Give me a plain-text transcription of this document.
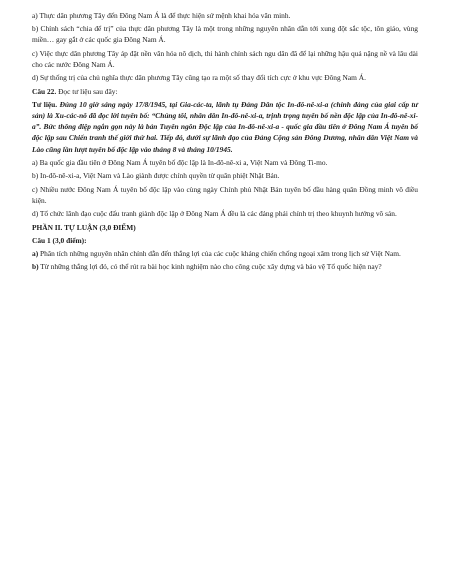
a) Thực dân phương Tây đến Đông Nam Á là để thực hiện sứ mệnh khai hóa văn minh.

b) Chính sách “chia để trị” của thực dân phương Tây là một trong những nguyên nhân dẫn tới xung đột sắc tộc, tôn giáo, vùng miền… gay gắt ở các quốc gia Đông Nam Á.

c) Việc thực dân phương Tây áp đặt nền văn hóa nô dịch, thi hành chính sách ngu dân đã để lại những hậu quả nặng nề và lâu dài cho các nước Đông Nam Á.

d) Sự thống trị của chủ nghĩa thực dân phương Tây cũng tạo ra một số thay đổi tích cực ở khu vực Đông Nam Á.

Câu 22. Đọc tư liệu sau đây:

Tư liệu. Đúng 10 giờ sáng ngày 17/8/1945, tại Gia-các-ta, lãnh tụ Đảng Dân tộc In-đô-nê-xi-a (chính đảng của giai cấp tư sản) là Xu-các-nô đã đọc lời tuyên bố: “Chúng tôi, nhân dân In-đô-nê-xi-a, trịnh trọng tuyên bố nền độc lập của In-đô-nê-xi-a”. Bức thông điệp ngắn gọn này là bản Tuyên ngôn Độc lập của In-đô-nê-xi-a - quốc gia đầu tiên ở Đông Nam Á tuyên bố độc lập sau Chiến tranh thế giới thứ hai. Tiếp đó, dưới sự lãnh đạo của Đảng Cộng sản Đông Dương, nhân dân Việt Nam và Lào cũng lần lượt tuyên bố độc lập vào tháng 8 và tháng 10/1945.

a) Ba quốc gia đầu tiên ở Đông Nam Á tuyên bố độc lập là In-đô-nê-xi a, Việt Nam và Đông Ti-mo.

b) In-đô-nê-xi-a, Việt Nam và Lào giành được chính quyền từ quân phiệt Nhật Bản.

c) Nhiều nước Đông Nam Á tuyên bố độc lập vào cùng ngày Chính phủ Nhật Bản tuyên bố đầu hàng quân Đồng minh vô điều kiện.

d) Tổ chức lãnh đạo cuộc đấu tranh giành độc lập ở Đông Nam Á đều là các đảng phái chính trị theo khuynh hướng vô sản.

PHẦN II. TỰ LUẬN (3,0 ĐIỂM)

Câu 1 (3,0 điểm):

a) Phân tích những nguyên nhân chính dẫn đến thắng lợi của các cuộc kháng chiến chống ngoại xâm trong lịch sử Việt Nam.

b) Từ những thắng lợi đó, có thể rút ra bài học kinh nghiệm nào cho công cuộc xây dựng và bảo vệ Tổ quốc hiện nay?
